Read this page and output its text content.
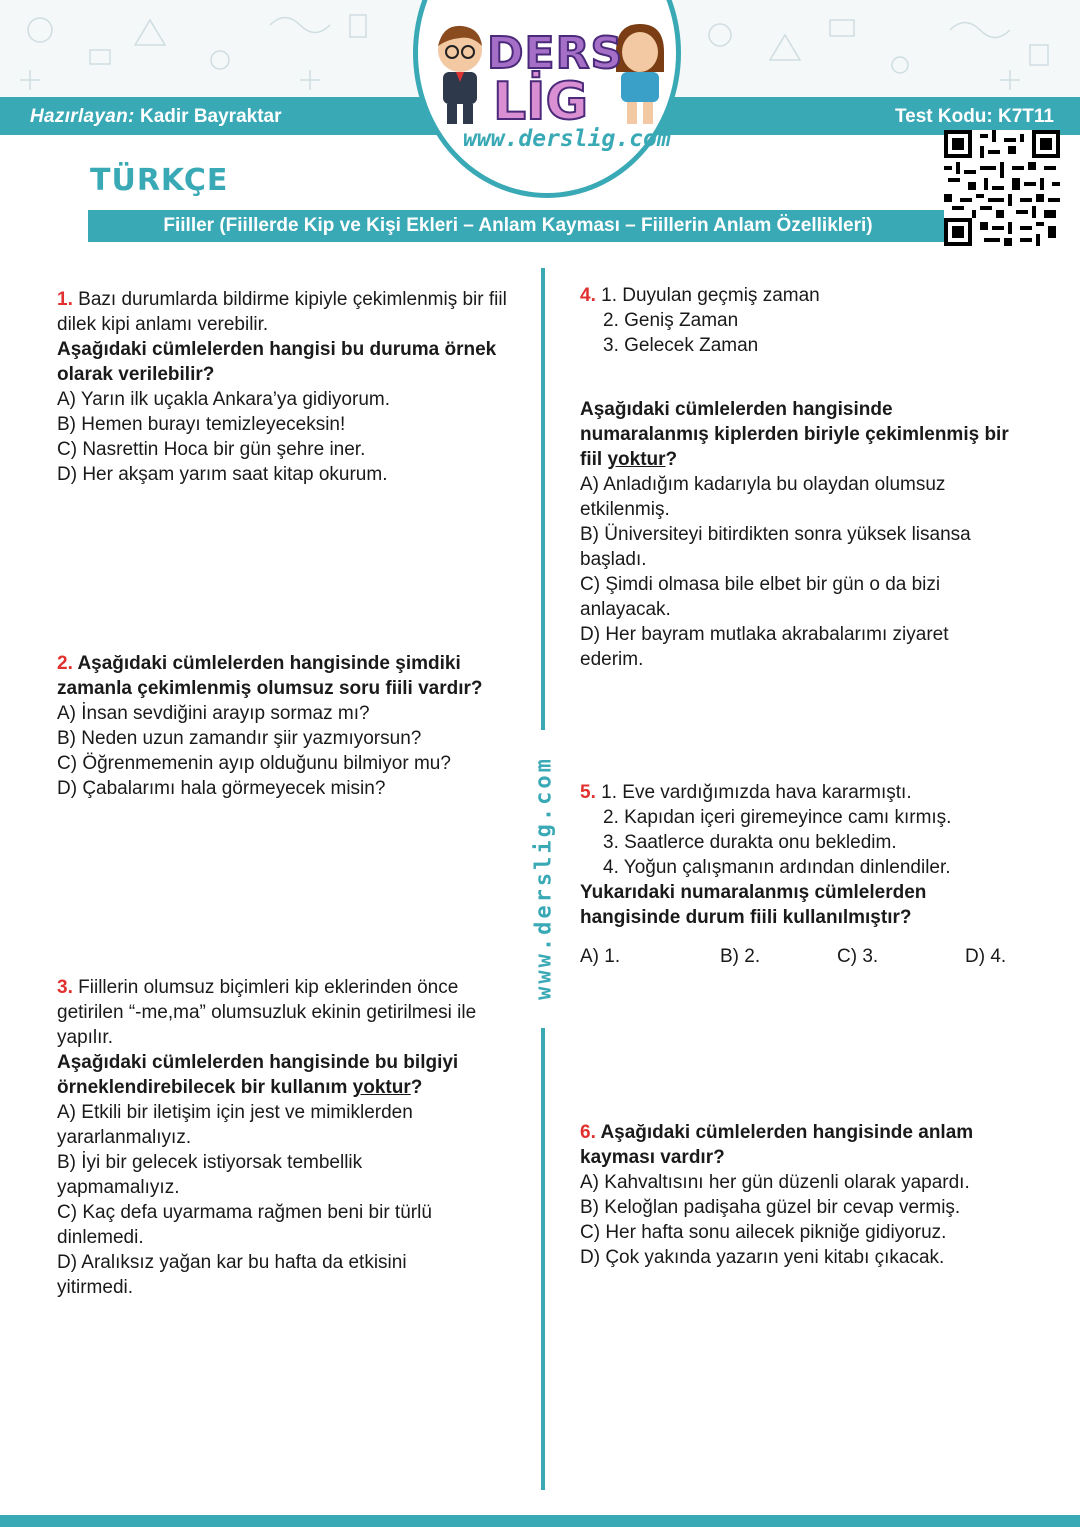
Hazırlayan: Kadir Bayraktar	Test Kodu: K7T11
DERS
LİG
www.derslig.com
TÜRKÇE
Fiiller (Fiillerde Kip ve Kişi Ekleri – Anlam Kayması – Fiillerin Anlam Özellikleri)
www.derslig.com

1. Bazı durumlarda bildirme kipiyle çekimlenmiş bir fiil dilek kipi anlamı verebilir.

Aşağıdaki cümlelerden hangisi bu duruma örnek olarak verilebilir?

A) Yarın ilk uçakla Ankara’ya gidiyorum.

B) Hemen burayı temizleyeceksin!

C) Nasrettin Hoca bir gün şehre iner.

D) Her akşam yarım saat kitap okurum.

2. Aşağıdaki cümlelerden hangisinde şimdiki zamanla çekimlenmiş olumsuz soru fiili vardır?

A) İnsan sevdiğini arayıp sormaz mı?

B) Neden uzun zamandır şiir yazmıyorsun?

C) Öğrenmemenin ayıp olduğunu bilmiyor mu?

D) Çabalarımı hala görmeyecek misin?

3. Fiillerin olumsuz biçimleri kip eklerinden önce getirilen “-me,ma” olumsuzluk ekinin getirilmesi ile yapılır.

Aşağıdaki cümlelerden hangisinde bu bilgiyi örneklendirebilecek bir kullanım yoktur?

A) Etkili bir iletişim için jest ve mimiklerden yararlanmalıyız.

B) İyi bir gelecek istiyorsak tembellik yapmamalıyız.

C) Kaç defa uyarmama rağmen beni bir türlü dinlemedi.

D) Aralıksız yağan kar bu hafta da etkisini yitirmedi.

4. 1. Duyulan geçmiş zaman

2. Geniş Zaman

3. Gelecek Zaman

Aşağıdaki cümlelerden hangisinde numaralanmış kiplerden biriyle çekimlenmiş bir fiil yoktur?

A) Anladığım kadarıyla bu olaydan olumsuz etkilenmiş.

B) Üniversiteyi bitirdikten sonra yüksek lisansa başladı.

C) Şimdi olmasa bile elbet bir gün o da bizi anlayacak.

D) Her bayram mutlaka akrabalarımı ziyaret ederim.

5. 1. Eve vardığımızda hava kararmıştı.

2. Kapıdan içeri giremeyince camı kırmış.

3. Saatlerce durakta onu bekledim.

4. Yoğun çalışmanın ardından dinlendiler.

Yukarıdaki numaralanmış cümlelerden hangisinde durum fiili kullanılmıştır?

A) 1.	B) 2.	C) 3.	D) 4.

6. Aşağıdaki cümlelerden hangisinde anlam kayması vardır?

A) Kahvaltısını her gün düzenli olarak yapardı.

B) Keloğlan padişaha güzel bir cevap vermiş.

C) Her hafta sonu ailecek pikniğe gidiyoruz.

D) Çok yakında yazarın yeni kitabı çıkacak.
